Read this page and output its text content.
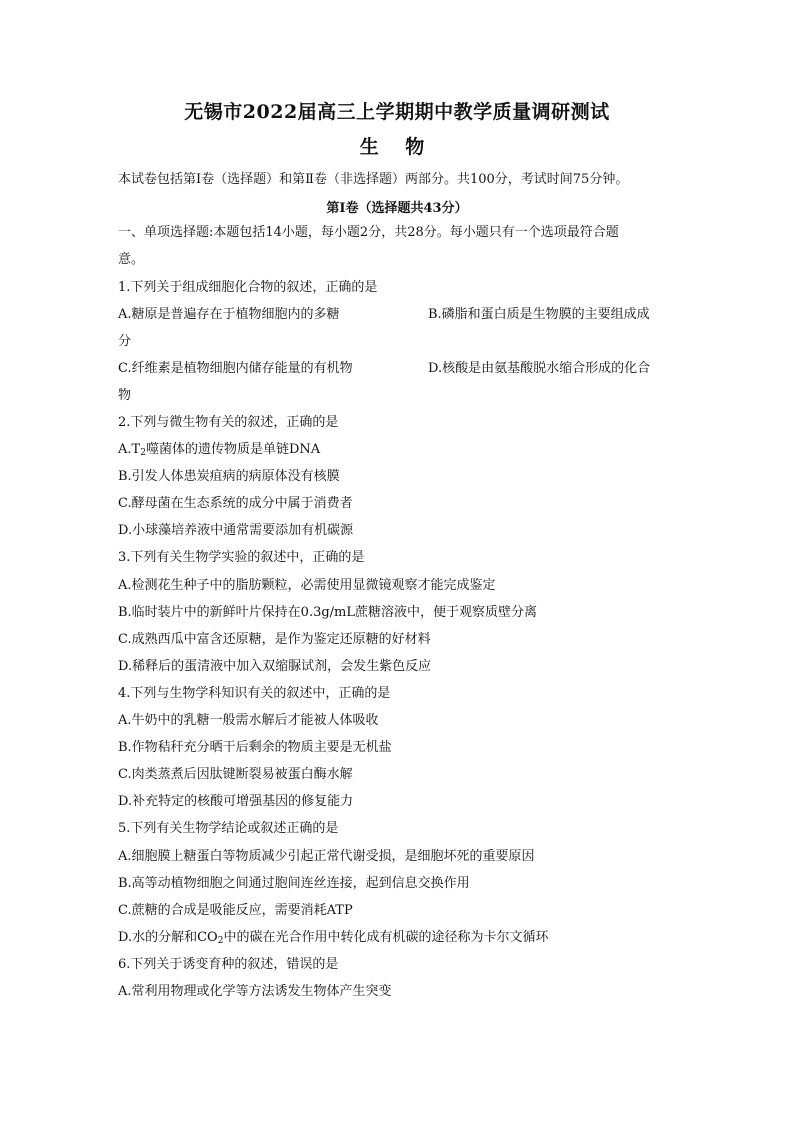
无锡市2022届高三上学期期中教学质量调研测试
生 物
本试卷包括第Ⅰ卷（选择题）和第Ⅱ卷（非选择题）两部分。共100分，考试时间75分钟。
第Ⅰ卷（选择题共43分）
一、单项选择题:本题包括14小题，每小题2分，共28分。每小题只有一个选项最符合题
意。
1.下列关于组成细胞化合物的叙述，正确的是
A.糖原是普遍存在于植物细胞内的多糖	B.磷脂和蛋白质是生物膜的主要组成成
分
C.纤维素是植物细胞内储存能量的有机物	D.核酸是由氨基酸脱水缩合形成的化合
物
2.下列与微生物有关的叙述，正确的是
$A.T_2$噬菌体的遗传物质是单链DNA
B.引发人体患炭疽病的病原体没有核膜
C.酵母菌在生态系统的成分中属于消费者
D.小球藻培养液中通常需要添加有机碳源
3.下列有关生物学实验的叙述中，正确的是
A.检测花生种子中的脂肪颗粒，必需使用显微镜观察才能完成鉴定
B.临时装片中的新鲜叶片保持在0.3g/mL蔗糖溶液中，便于观察质壁分离
C.成熟西瓜中富含还原糖，是作为鉴定还原糖的好材料
D.稀释后的蛋清液中加入双缩脲试剂，会发生紫色反应
4.下列与生物学科知识有关的叙述中，正确的是
A.牛奶中的乳糖一般需水解后才能被人体吸收
B.作物秸秆充分晒干后剩余的物质主要是无机盐
C.肉类蒸煮后因肽键断裂易被蛋白酶水解
D.补充特定的核酸可增强基因的修复能力
5.下列有关生物学结论或叙述正确的是
A.细胞膜上糖蛋白等物质减少引起正常代谢受损，是细胞坏死的重要原因
B.高等动植物细胞之间通过胞间连丝连接，起到信息交换作用
C.蔗糖的合成是吸能反应，需要消耗ATP
D.水的分解和$CO_2$中的碳在光合作用中转化成有机碳的途径称为卡尔文循环
6.下列关于诱变育种的叙述，错误的是
A.常利用物理或化学等方法诱发生物体产生突变
